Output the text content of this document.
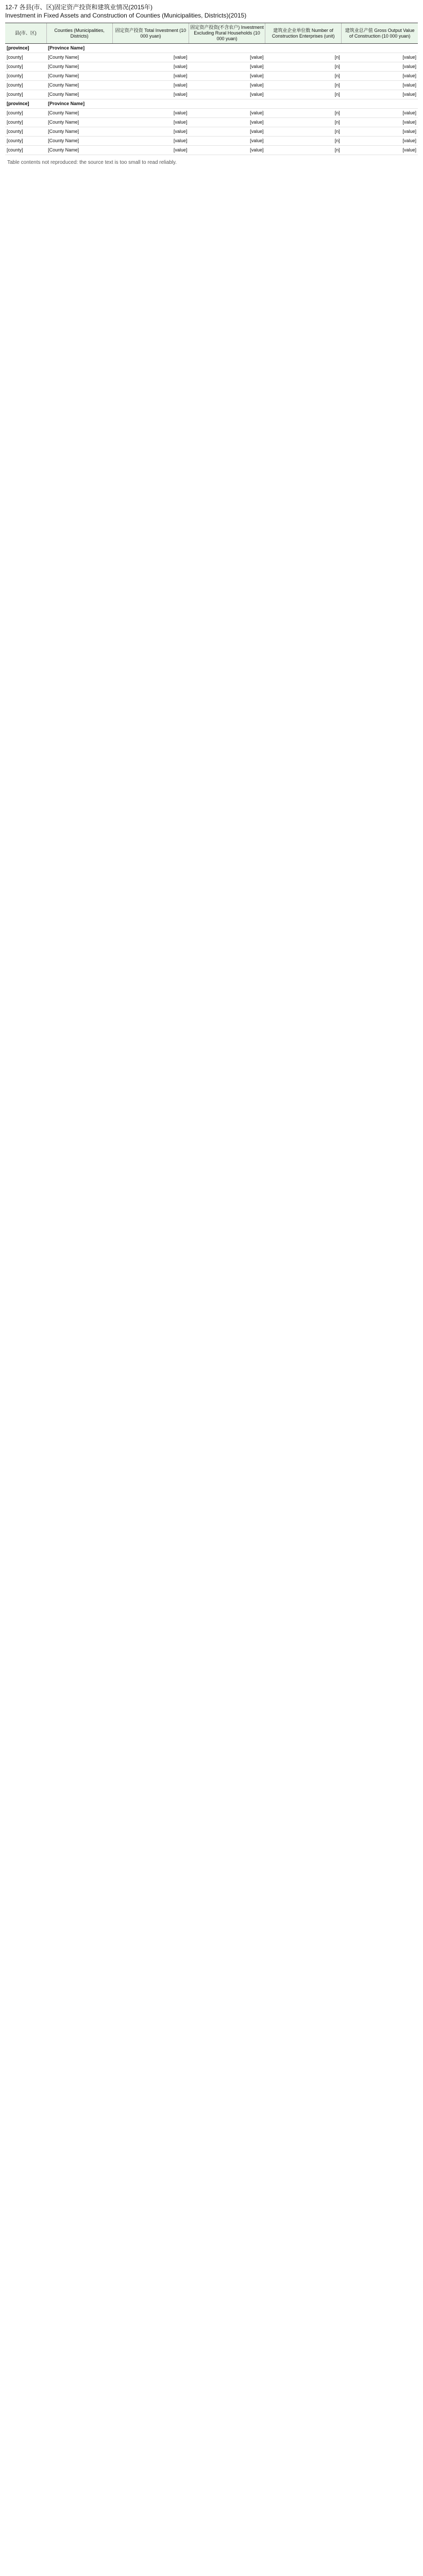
12-7 各县(市、区)固定资产投资和建筑业情况(2015年)
Investment in Fixed Assets and Construction of Counties (Municipalities, Districts)(2015)
县(市、区)	Counties (Municipalities, Districts)	固定资产投资 Total Investment (10 000 yuan)	固定资产投资(不含农户) Investment Excluding Rural Households (10 000 yuan)	建筑业企业单位数 Number of Construction Enterprises (unit)	建筑业总产值 Gross Output Value of Construction (10 000 yuan)
[province]	[Province Name]				
[county]	[County Name]	[value]	[value]	[n]	[value]
[county]	[County Name]	[value]	[value]	[n]	[value]
[county]	[County Name]	[value]	[value]	[n]	[value]
[county]	[County Name]	[value]	[value]	[n]	[value]
[county]	[County Name]	[value]	[value]	[n]	[value]
[province]	[Province Name]				
[county]	[County Name]	[value]	[value]	[n]	[value]
[county]	[County Name]	[value]	[value]	[n]	[value]
[county]	[County Name]	[value]	[value]	[n]	[value]
[county]	[County Name]	[value]	[value]	[n]	[value]
[county]	[County Name]	[value]	[value]	[n]	[value]
Table contents not reproduced: the source text is too small to read reliably.
